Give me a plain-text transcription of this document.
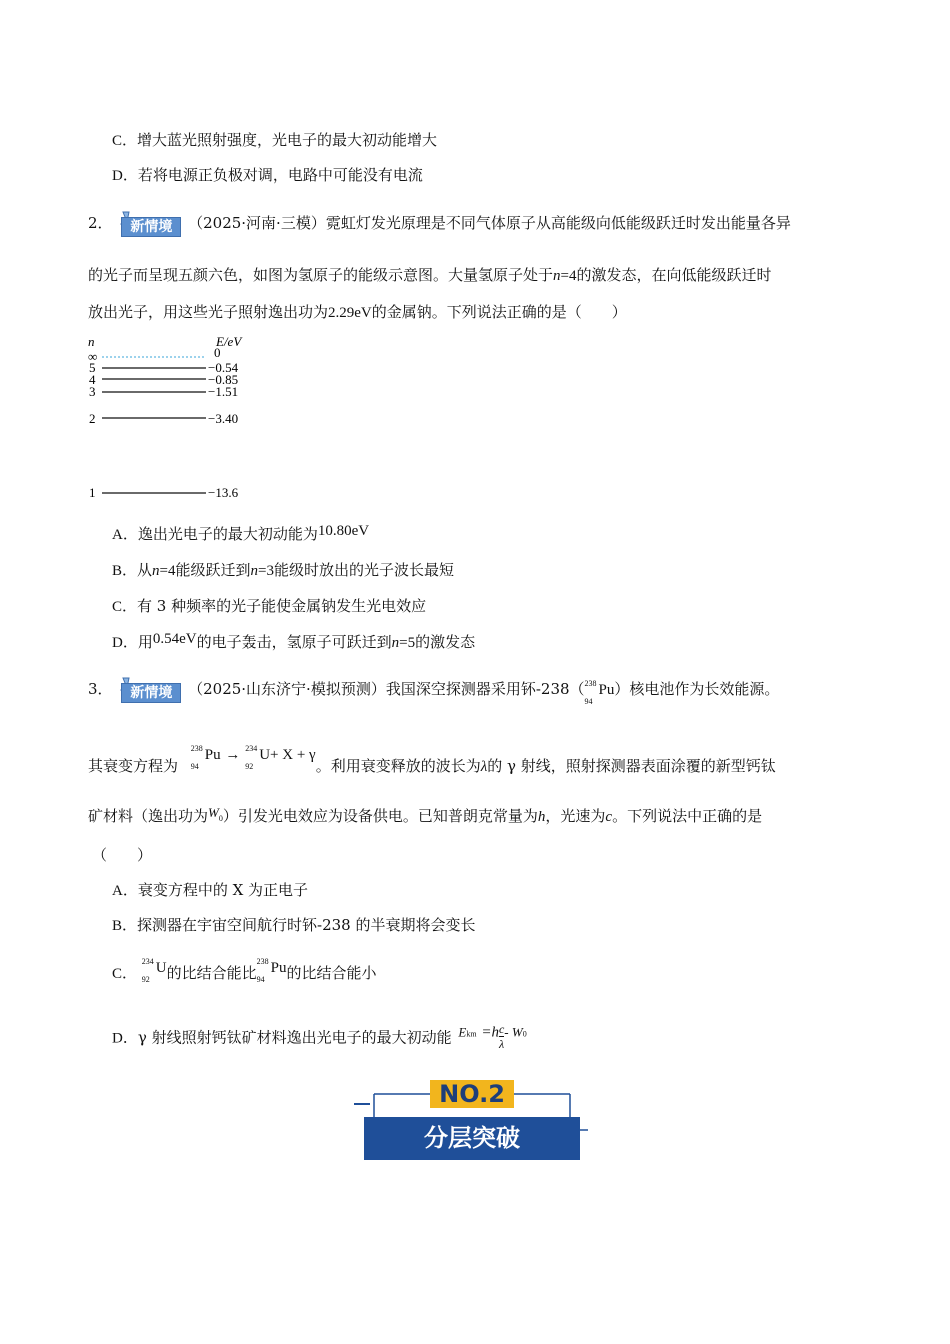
C．增大蓝光照射强度，光电子的最大初动能增大
D．若将电源正负极对调，电路中可能没有电流
2．	新情境	（2025·河南·三模）霓虹灯发光原理是不同气体原子从高能级向低能级跃迁时发出能量各异
的光子而呈现五颜六色，如图为氢原子的能级示意图。大量氢原子处于n=4的激发态，在向低能级跃迁时
放出光子，用这些光子照射逸出功为2.29eV的金属钠。下列说法正确的是（　　）
n	E/eV
∞	0
5	−0.54
4	−0.85
3	−1.51
2	−3.40
1	−13.6
A．逸出光电子的最大初动能为10.80eV
B．从n=4能级跃迁到n=3能级时放出的光子波长最短
C．有 3 种频率的光子能使金属钠发生光电效应
D．用0.54eV的电子轰击，氢原子可跃迁到n=5的激发态
3．	新情境	（2025·山东济宁·模拟预测）我国深空探测器采用钚-238（ 238
94
Pu）核电池作为长效能源。
其衰变方程为
238
94
Pu → 234
92
U+ X + γ。利用衰变释放的波长为λ的 γ 射线，照射探测器表面涂覆的新型钙钛
矿材料（逸出功为W0）引发光电效应为设备供电。已知普朗克常量为h，光速为c。下列说法中正确的是
（　　）
A．衰变方程中的 X 为正电子
B．探测器在宇宙空间航行时钚-238 的半衰期将会变长
C．
234
92
U的比结合能比
238
94
Pu的比结合能小
D．γ 射线照射钙钛矿材料逸出光电子的最大初动能 Ekm $=h \frac{c}{\lambda} - W0$
NO.2
分层突破
